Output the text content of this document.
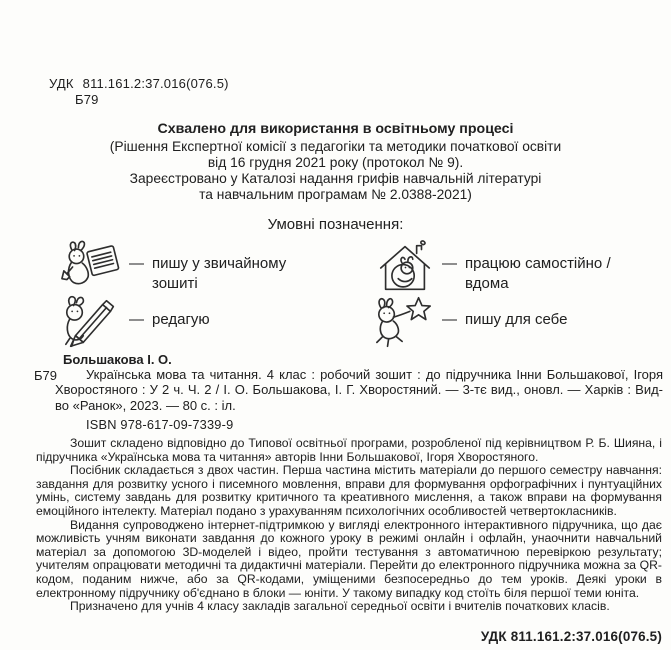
УДК 811.161.2:37.016(076.5)
Б79
Схвалено для використання в освітньому процесі
(Рішення Експертної комісії з педагогіки та методики початкової освіти
від 16 грудня 2021 року (протокол № 9).
Зареєстровано у Каталозі надання грифів навчальній літературі
та навчальним програмам № 2.0388-2021)
Умовні позначення:
— пишу у звичайному зошиті
— працюю самостійно / вдома
— редагую	— пишу для себе
Большакова І. О.
Б79	Українська мова та читання. 4 клас : робочий зошит : до підручника Інни Большакової, Ігоря Хворостяного : У 2 ч. Ч. 2 / І. О. Большакова, І. Г. Хворостяний. — 3-тє вид., оновл. — Харків : Вид-во «Ранок», 2023. — 80 с. : іл.

ISBN 978-617-09-7339-9

Зошит складено відповідно до Типової освітньої програми, розробленої під керівництвом Р. Б. Шияна, і підручника «Українська мова та читання» авторів Інни Большакової, Ігоря Хворостяного.

Посібник складається з двох частин. Перша частина містить матеріали до першого семестру навчання: завдання для розвитку усного і писемного мовлення, вправи для формування орфографічних і пунтуаційних умінь, систему завдань для розвитку критичного та креативного мислення, а також вправи на формування емоційного інтелекту. Матеріал подано з урахуванням психологічних особливостей четвертокласників.

Видання супроводжено інтернет-підтримкою у вигляді електронного інтерактивного підручника, що дає можливість учням виконати завдання до кожного уроку в режимі онлайн і офлайн, унаочнити навчальний матеріал за допомогою 3D-моделей і відео, пройти тестування з автоматичною перевіркою результату; учителям опрацювати методичні та дидактичні матеріали. Перейти до електронного підручника можна за QR-кодом, поданим нижче, або за QR-кодами, уміщеними безпосередньо до тем уроків. Деякі уроки в електронному підручнику об'єднано в блоки — юніти. У такому випадку код стоїть біля першої теми юніта.

Призначено для учнів 4 класу закладів загальної середньої освіти і вчителів початкових класів.

УДК 811.161.2:37.016(076.5)
